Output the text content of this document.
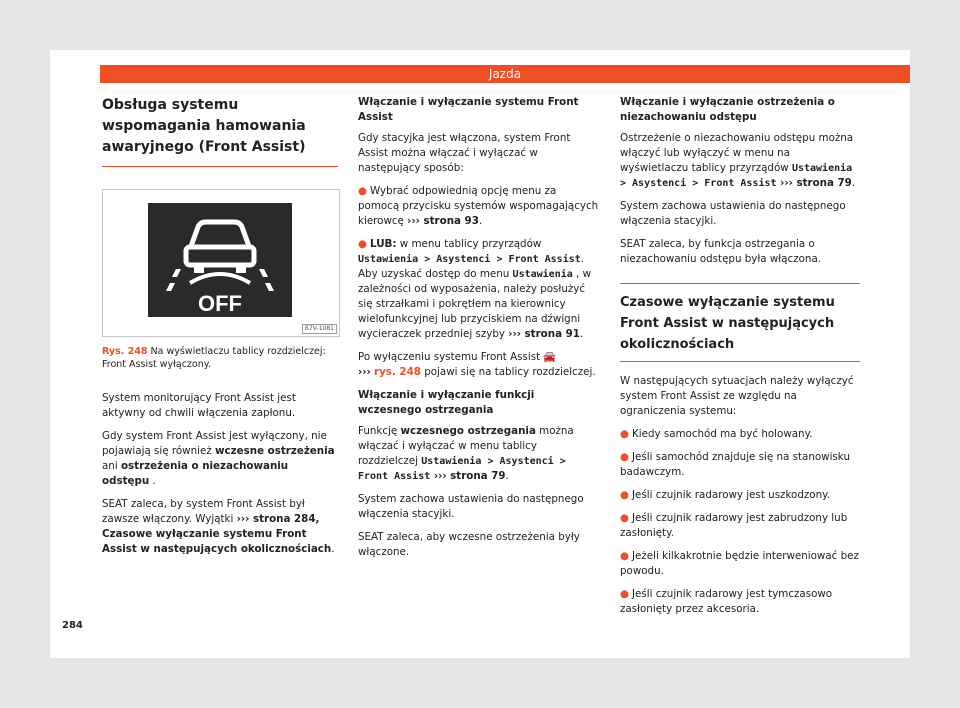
Jazda
Obsługa systemu wspomagania hamowania awaryjnego (Front Assist)
OFF
B7V-1081
Rys. 248 Na wyświetlaczu tablicy rozdzielczej: Front Assist wyłączony.

System monitorujący Front Assist jest aktywny od chwili włączenia zapłonu.

Gdy system Front Assist jest wyłączony, nie pojawiają się również wczesne ostrzeżenia ani ostrzeżenia o niezachowaniu odstępu .

SEAT zaleca, by system Front Assist był zawsze włączony. Wyjątki ››› strona 284, Czasowe wyłączanie systemu Front Assist w następujących okolicznościach.

Włączanie i wyłączanie systemu Front Assist

Gdy stacyjka jest włączona, system Front Assist można włączać i wyłączać w następujący sposób:

● Wybrać odpowiednią opcję menu za pomocą przycisku systemów wspomagających kierowcę ››› strona 93.

● LUB: w menu tablicy przyrządów Ustawienia > Asystenci > Front Assist. Aby uzyskać dostęp do menu Ustawienia , w zależności od wyposażenia, należy posłużyć się strzałkami i pokrętłem na kierownicy wielofunkcyjnej lub przyciskiem na dźwigni wycieraczek przedniej szyby ››› strona 91.

Po wyłączeniu systemu Front Assist 🚘
››› rys. 248 pojawi się na tablicy rozdzielczej.

Włączanie i wyłączanie funkcji wczesnego ostrzegania

Funkcję wczesnego ostrzegania można włączać i wyłączać w menu tablicy rozdzielczej Ustawienia > Asystenci > Front Assist ››› strona 79.

System zachowa ustawienia do następnego włączenia stacyjki.

SEAT zaleca, aby wczesne ostrzeżenia były włączone.

Włączanie i wyłączanie ostrzeżenia o niezachowaniu odstępu

Ostrzeżenie o niezachowaniu odstępu można włączyć lub wyłączyć w menu na wyświetlaczu tablicy przyrządów Ustawienia > Asystenci > Front Assist ››› strona 79.

System zachowa ustawienia do następnego włączenia stacyjki.

SEAT zaleca, by funkcja ostrzegania o niezachowaniu odstępu była włączona.

Czasowe wyłączanie systemu Front Assist w następujących okolicznościach

W następujących sytuacjach należy wyłączyć system Front Assist ze względu na ograniczenia systemu:

● Kiedy samochód ma być holowany.

● Jeśli samochód znajduje się na stanowisku badawczym.

● Jeśli czujnik radarowy jest uszkodzony.

● Jeśli czujnik radarowy jest zabrudzony lub zasłonięty.

● Jeżeli kilkakrotnie będzie interweniować bez powodu.

● Jeśli czujnik radarowy jest tymczasowo zasłonięty przez akcesoria.

284
